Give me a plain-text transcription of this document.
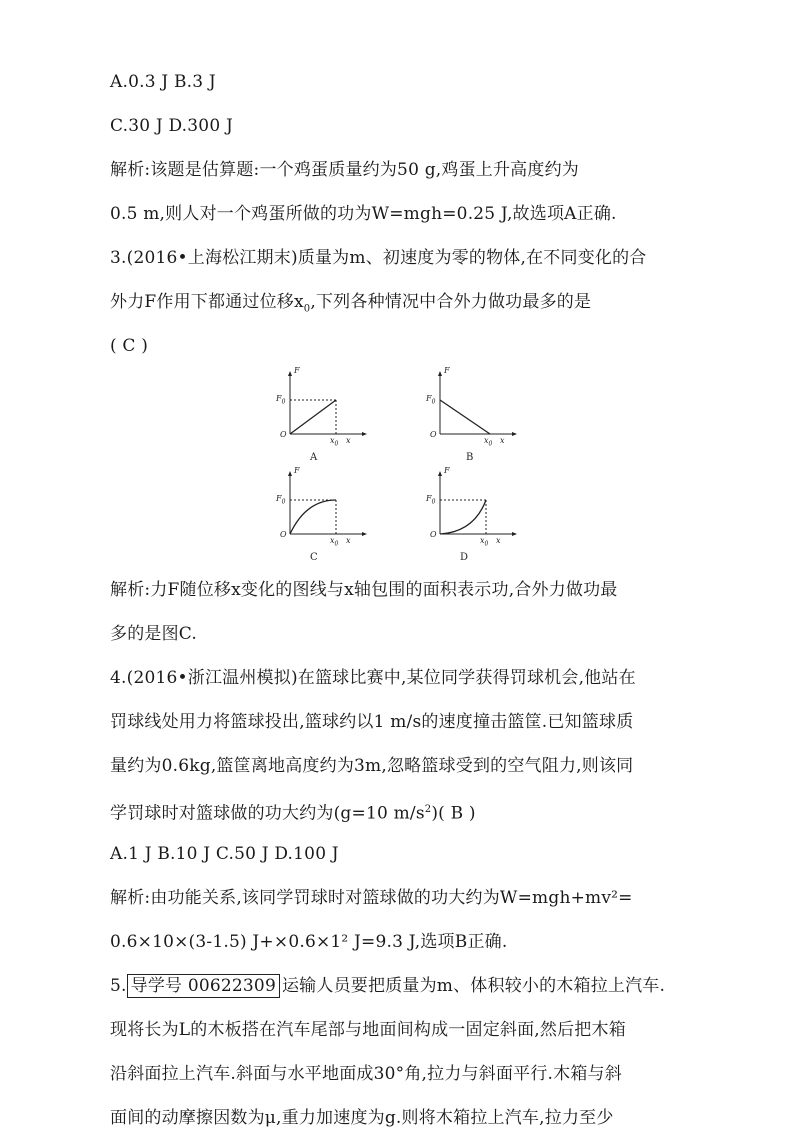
A.0.3 J B.3 J
C.30 J D.300 J
解析:该题是估算题:一个鸡蛋质量约为50 g,鸡蛋上升高度约为
0.5 m,则人对一个鸡蛋所做的功为W=mgh=0.25 J,故选项A正确.
3.(2016•上海松江期末)质量为m、初速度为零的物体,在不同变化的合
外力F作用下都通过位移$x_0$,下列各种情况中合外力做功最多的是
( C )
F
$F_0$
O
$x_0$ x
A
F
$F_0$
O
$x_0$ x
B
F
$F_0$
O
$x_0$ x
C
F
$F_0$
O
$x_0$ x
D
解析:力F随位移x变化的图线与x轴包围的面积表示功,合外力做功最
多的是图C.
4.(2016•浙江温州模拟)在篮球比赛中,某位同学获得罚球机会,他站在
罚球线处用力将篮球投出,篮球约以1 m/s的速度撞击篮筐.已知篮球质
量约为0.6kg,篮筐离地高度约为3m,忽略篮球受到的空气阻力,则该同
学罚球时对篮球做的功大约为(g=10 $m/s^2$)( B )
A.1 J B.10 J C.50 J D.100 J
解析:由功能关系,该同学罚球时对篮球做的功大约为W=mgh+mv²=
0.6×10×(3-1.5) J+×0.6×1² J=9.3 J,选项B正确.
5. 导学号 00622309 运输人员要把质量为m、体积较小的木箱拉上汽车.
现将长为L的木板搭在汽车尾部与地面间构成一固定斜面,然后把木箱
沿斜面拉上汽车.斜面与水平地面成30°角,拉力与斜面平行.木箱与斜
面间的动摩擦因数为μ,重力加速度为g.则将木箱拉上汽车,拉力至少
